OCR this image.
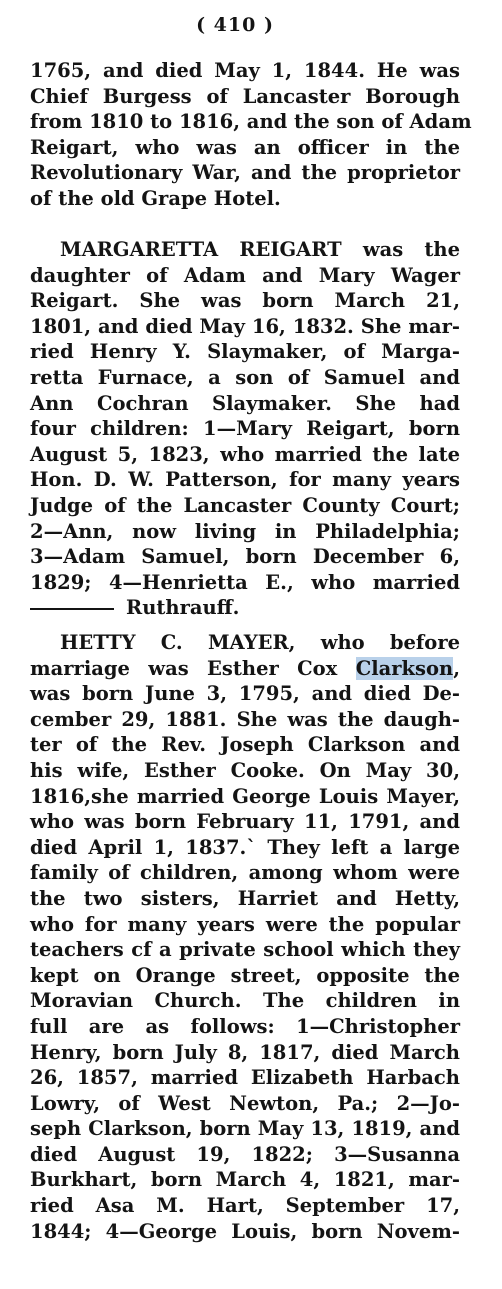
( 410 )
1765, and died May 1, 1844. He was
Chief Burgess of Lancaster Borough
from 1810 to 1816, and the son of Adam
Reigart, who was an officer in the
Revolutionary War, and the proprietor
of the old Grape Hotel.
MARGARETTA REIGART was the
daughter of Adam and Mary Wager
Reigart. She was born March 21,
1801, and died May 16, 1832. She mar-
ried Henry Y. Slaymaker, of Marga-
retta Furnace, a son of Samuel and
Ann Cochran Slaymaker. She had
four children: 1—Mary Reigart, born
August 5, 1823, who married the late
Hon. D. W. Patterson, for many years
Judge of the Lancaster County Court;
2—Ann, now living in Philadelphia;
3—Adam Samuel, born December 6,
1829; 4—Henrietta E., who married
Ruthrauff.
HETTY C. MAYER, who before
marriage was Esther Cox Clarkson,
was born June 3, 1795, and died De-
cember 29, 1881. She was the daugh-
ter of the Rev. Joseph Clarkson and
his wife, Esther Cooke. On May 30,
1816,she married George Louis Mayer,
who was born February 11, 1791, and
died April 1, 1837.` They left a large
family of children, among whom were
the two sisters, Harriet and Hetty,
who for many years were the popular
teachers cf a private school which they
kept on Orange street, opposite the
Moravian Church. The children in
full are as follows: 1—Christopher
Henry, born July 8, 1817, died March
26, 1857, married Elizabeth Harbach
Lowry, of West Newton, Pa.; 2—Jo-
seph Clarkson, born May 13, 1819, and
died August 19, 1822; 3—Susanna
Burkhart, born March 4, 1821, mar-
ried Asa M. Hart, September 17,
1844; 4—George Louis, born Novem-
